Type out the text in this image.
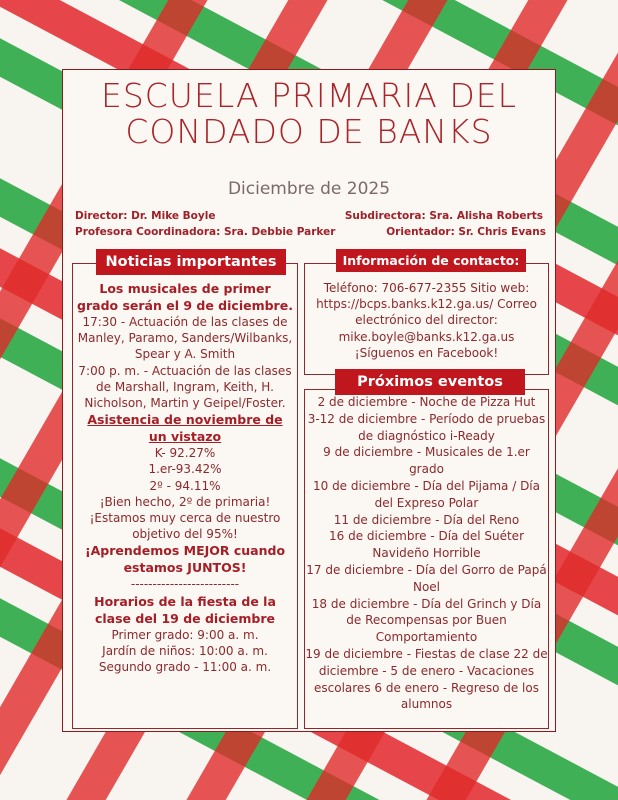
ESCUELA PRIMARIA DEL
CONDADO DE BANKS
Diciembre de 2025
Director: Dr. Mike Boyle	Subdirectora: Sra. Alisha Roberts
Profesora Coordinadora: Sra. Debbie Parker	Orientador: Sr. Chris Evans

Los musicales de primer grado serán el 9 de diciembre.

17:30 - Actuación de las clases de Manley, Paramo, Sanders/Wilbanks, Spear y A. Smith

7:00 p. m. - Actuación de las clases de Marshall, Ingram, Keith, H. Nicholson, Martin y Geipel/Foster.

Asistencia de noviembre de un vistazo

K- 92.27%

1.er-93.42%

2º - 94.11%

¡Bien hecho, 2º de primaria!

¡Estamos muy cerca de nuestro objetivo del 95%!

¡Aprendemos MEJOR cuando estamos JUNTOS!

-------------------------

Horarios de la fiesta de la clase del 19 de diciembre

Primer grado: 9:00 a. m.

Jardín de niños: 10:00 a. m.

Segundo grado - 11:00 a. m.

Noticias importantes

Teléfono: 706-677-2355 Sitio web: https://bcps.banks.k12.ga.us/ Correo electrónico del director: mike.boyle@banks.k12.ga.us

¡Síguenos en Facebook!

Información de contacto:

2 de diciembre - Noche de Pizza Hut

3-12 de diciembre - Período de pruebas de diagnóstico i-Ready

9 de diciembre - Musicales de 1.er grado

10 de diciembre - Día del Pijama / Día del Expreso Polar

11 de diciembre - Día del Reno

16 de diciembre - Día del Suéter Navideño Horrible

17 de diciembre - Día del Gorro de Papá Noel

18 de diciembre - Día del Grinch y Día de Recompensas por Buen Comportamiento

19 de diciembre - Fiestas de clase 22 de diciembre - 5 de enero - Vacaciones escolares 6 de enero - Regreso de los alumnos

Próximos eventos
